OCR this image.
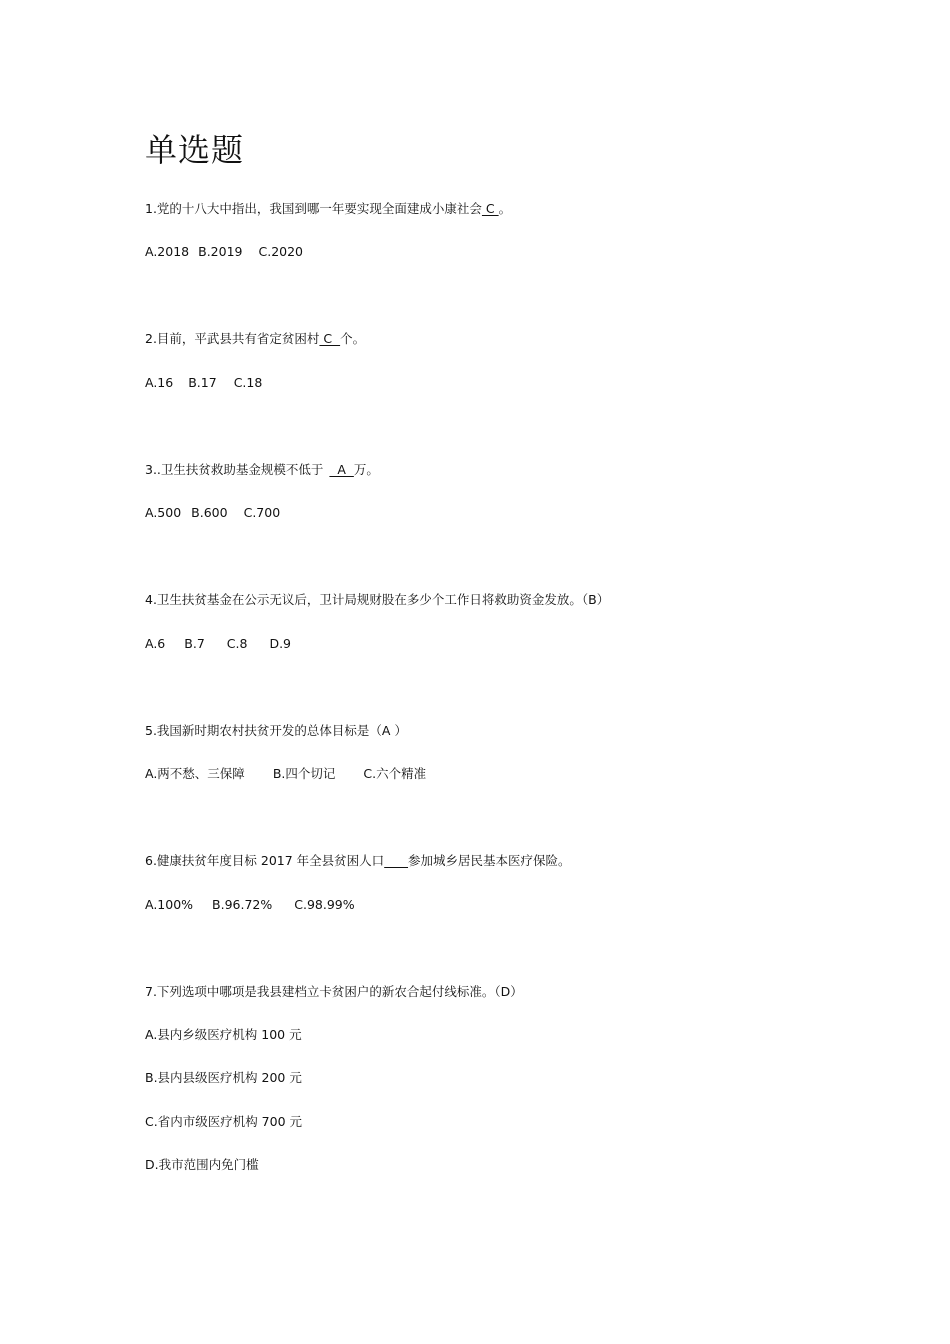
单选题
1.党的十八大中指出，我国到哪一年要实现全面建成小康社会 C 。
A.2018 B.2019 C.2020
2.目前，平武县共有省定贫困村 C  个。
A.16 B.17 C.18
3..卫生扶贫救助基金规模不低于  A  万。
A.500 B.600 C.700
4.卫生扶贫基金在公示无议后，卫计局规财股在多少个工作日将救助资金发放。（B）
A.6 B.7 C.8 D.9
5.我国新时期农村扶贫开发的总体目标是（A ）
A.两不愁、三保障 B.四个切记 C.六个精准
6.健康扶贫年度目标 2017 年全县贫困人口 参加城乡居民基本医疗保险。
A.100% B.96.72% C.98.99%
7.下列选项中哪项是我县建档立卡贫困户的新农合起付线标准。（D）
A.县内乡级医疗机构 100 元
B.县内县级医疗机构 200 元
C.省内市级医疗机构 700 元
D.我市范围内免门槛
